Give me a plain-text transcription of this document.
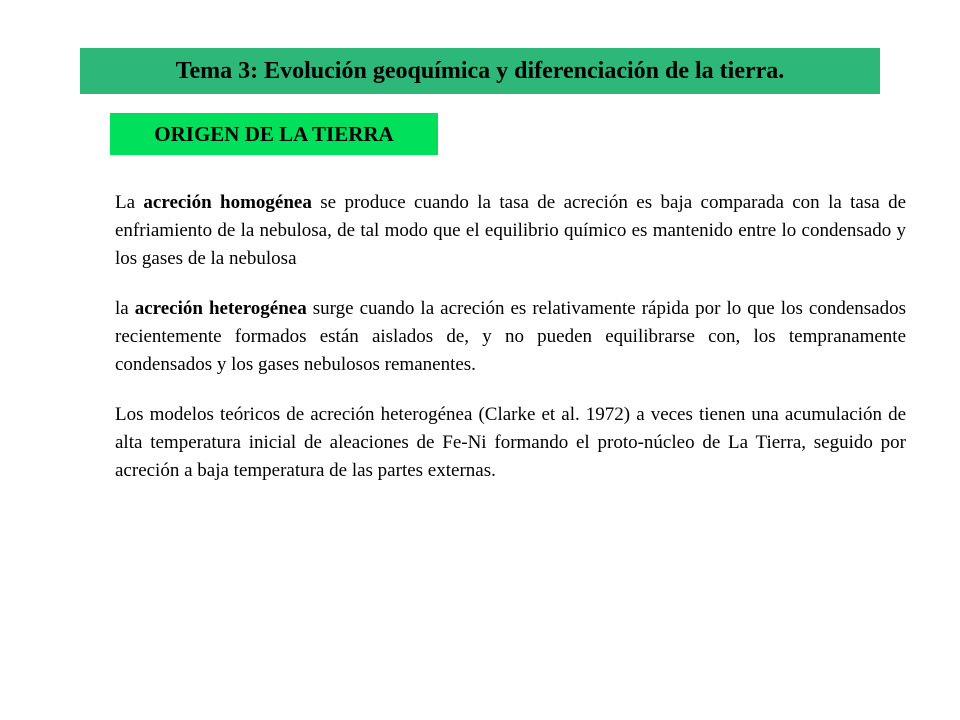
Tema 3: Evolución geoquímica y diferenciación de la tierra.
ORIGEN DE LA TIERRA

La acreción homogénea se produce cuando la tasa de acreción es baja comparada con la tasa de enfriamiento de la nebulosa, de tal modo que el equilibrio químico es mantenido entre lo condensado y los gases de la nebulosa

la acreción heterogénea surge cuando la acreción es relativamente rápida por lo que los condensados recientemente formados están aislados de, y no pueden equilibrarse con, los tempranamente condensados y los gases nebulosos remanentes.

Los modelos teóricos de acreción heterogénea (Clarke et al. 1972) a veces tienen una acumulación de alta temperatura inicial de aleaciones de Fe-Ni formando el proto-núcleo de La Tierra, seguido por acreción a baja temperatura de las partes externas.
